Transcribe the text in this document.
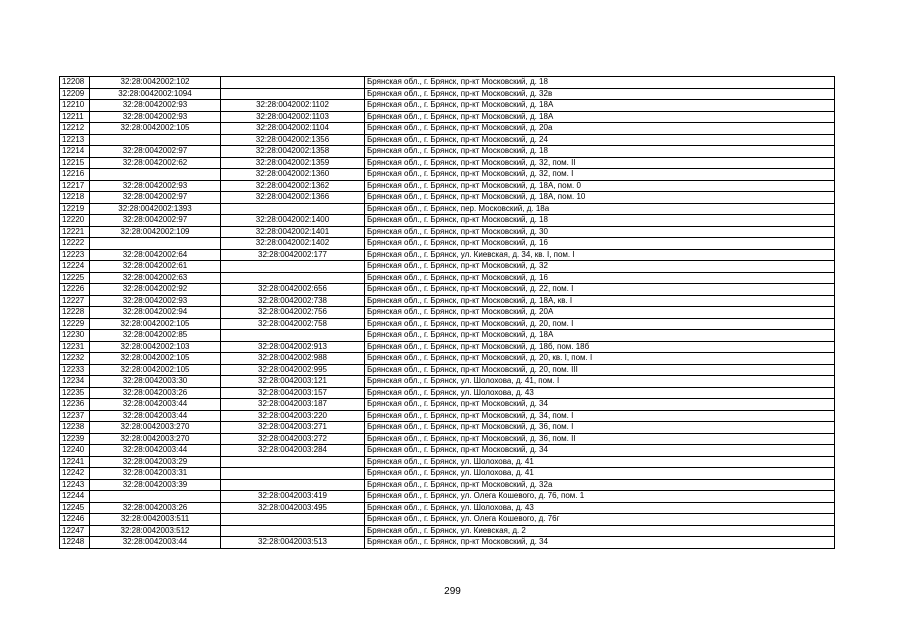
12208	32:28:0042002:102		Брянская обл., г. Брянск, пр-кт Московский, д. 18
12209	32:28:0042002:1094		Брянская обл., г. Брянск, пр-кт Московский, д. 32в
12210	32:28:0042002:93	32:28:0042002:1102	Брянская обл., г. Брянск, пр-кт Московский, д. 18А
12211	32:28:0042002:93	32:28:0042002:1103	Брянская обл., г. Брянск, пр-кт Московский, д. 18А
12212	32:28:0042002:105	32:28:0042002:1104	Брянская обл., г. Брянск, пр-кт Московский, д. 20а
12213		32:28:0042002:1356	Брянская обл., г. Брянск, пр-кт Московский, д. 24
12214	32:28:0042002:97	32:28:0042002:1358	Брянская обл., г. Брянск, пр-кт Московский, д. 18
12215	32:28:0042002:62	32:28:0042002:1359	Брянская обл., г. Брянск, пр-кт Московский, д. 32, пом. II
12216		32:28:0042002:1360	Брянская обл., г. Брянск, пр-кт Московский, д. 32, пом. I
12217	32:28:0042002:93	32:28:0042002:1362	Брянская обл., г. Брянск, пр-кт Московский, д. 18А, пом. 0
12218	32:28:0042002:97	32:28:0042002:1366	Брянская обл., г. Брянск, пр-кт Московский, д. 18А, пом. 10
12219	32:28:0042002:1393		Брянская обл., г. Брянск, пер. Московский, д. 18а
12220	32:28:0042002:97	32:28:0042002:1400	Брянская обл., г. Брянск, пр-кт Московский, д. 18
12221	32:28:0042002:109	32:28:0042002:1401	Брянская обл., г. Брянск, пр-кт Московский, д. 30
12222		32:28:0042002:1402	Брянская обл., г. Брянск, пр-кт Московский, д. 16
12223	32:28:0042002:64	32:28:0042002:177	Брянская обл., г. Брянск, ул. Киевская, д. 34, кв. I, пом. I
12224	32:28:0042002:61		Брянская обл., г. Брянск, пр-кт Московский, д. 32
12225	32:28:0042002:63		Брянская обл., г. Брянск, пр-кт Московский, д. 16
12226	32:28:0042002:92	32:28:0042002:656	Брянская обл., г. Брянск, пр-кт Московский, д. 22, пом. I
12227	32:28:0042002:93	32:28:0042002:738	Брянская обл., г. Брянск, пр-кт Московский, д. 18А, кв. I
12228	32:28:0042002:94	32:28:0042002:756	Брянская обл., г. Брянск, пр-кт Московский, д. 20А
12229	32:28:0042002:105	32:28:0042002:758	Брянская обл., г. Брянск, пр-кт Московский, д. 20, пом. I
12230	32:28:0042002:85		Брянская обл., г. Брянск, пр-кт Московский, д. 18А
12231	32:28:0042002:103	32:28:0042002:913	Брянская обл., г. Брянск, пр-кт Московский, д. 18б, пом. 18б
12232	32:28:0042002:105	32:28:0042002:988	Брянская обл., г. Брянск, пр-кт Московский, д. 20, кв. I, пом. I
12233	32:28:0042002:105	32:28:0042002:995	Брянская обл., г. Брянск, пр-кт Московский, д. 20, пом. III
12234	32:28:0042003:30	32:28:0042003:121	Брянская обл., г. Брянск, ул. Шолохова, д. 41, пом. I
12235	32:28:0042003:26	32:28:0042003:157	Брянская обл., г. Брянск, ул. Шолохова, д. 43
12236	32:28:0042003:44	32:28:0042003:187	Брянская обл., г. Брянск, пр-кт Московский, д. 34
12237	32:28:0042003:44	32:28:0042003:220	Брянская обл., г. Брянск, пр-кт Московский, д. 34, пом. I
12238	32:28:0042003:270	32:28:0042003:271	Брянская обл., г. Брянск, пр-кт Московский, д. 36, пом. I
12239	32:28:0042003:270	32:28:0042003:272	Брянская обл., г. Брянск, пр-кт Московский, д. 36, пом. II
12240	32:28:0042003:44	32:28:0042003:284	Брянская обл., г. Брянск, пр-кт Московский, д. 34
12241	32:28:0042003:29		Брянская обл., г. Брянск, ул. Шолохова, д. 41
12242	32:28:0042003:31		Брянская обл., г. Брянск, ул. Шолохова, д. 41
12243	32:28:0042003:39		Брянская обл., г. Брянск, пр-кт Московский, д. 32а
12244		32:28:0042003:419	Брянская обл., г. Брянск, ул. Олега Кошевого, д. 76, пом. 1
12245	32:28:0042003:26	32:28:0042003:495	Брянская обл., г. Брянск, ул. Шолохова, д. 43
12246	32:28:0042003:511		Брянская обл., г. Брянск, ул. Олега Кошевого, д. 76г
12247	32:28:0042003:512		Брянская обл., г. Брянск, ул. Киевская, д. 2
12248	32:28:0042003:44	32:28:0042003:513	Брянская обл., г. Брянск, пр-кт Московский, д. 34
299
